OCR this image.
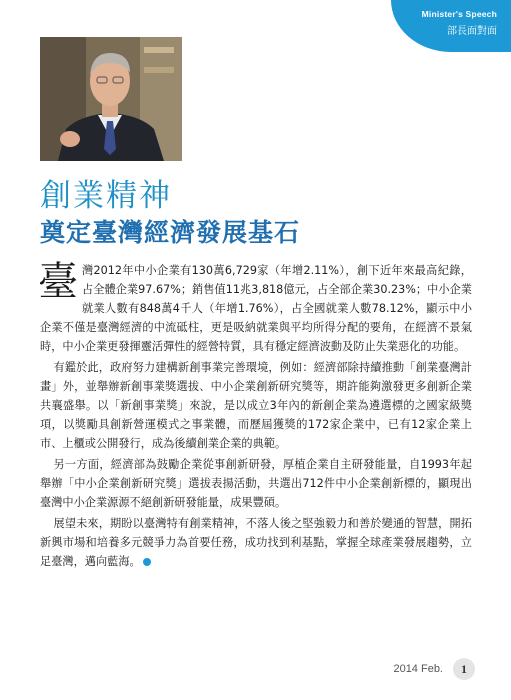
Minister's Speech
部長面對面
創業精神
奠定臺灣經濟發展基石

臺灣2012年中小企業有130萬6,729家（年增2.11%），創下近年來最高紀錄，占全體企業97.67%；銷售值11兆3,818億元，占全部企業30.23%；中小企業就業人數有848萬4千人（年增1.76%），占全國就業人數78.12%，顯示中小企業不僅是臺灣經濟的中流砥柱，更是吸納就業與平均所得分配的要角，在經濟不景氣時，中小企業更發揮靈活彈性的經營特質，具有穩定經濟波動及防止失業惡化的功能。

有鑑於此，政府努力建構新創事業完善環境，例如：經濟部除持續推動「創業臺灣計畫」外，並舉辦新創事業獎選拔、中小企業創新研究獎等，期許能夠激發更多創新企業共襄盛舉。以「新創事業獎」來說，是以成立3年內的新創企業為遴選標的之國家級獎項，以獎勵具創新營運模式之事業體，而歷屆獲獎的172家企業中，已有12家企業上市、上櫃或公開發行，成為後續創業企業的典範。

另一方面，經濟部為鼓勵企業從事創新研發，厚植企業自主研發能量，自1993年起舉辦「中小企業創新研究獎」選拔表揚活動，共選出712件中小企業創新標的，顯現出臺灣中小企業源源不絕創新研發能量，成果豐碩。

展望未來，期盼以臺灣特有創業精神，不落人後之堅強毅力和善於變通的智慧，開拓新興市場和培養多元競爭力為首要任務，成功找到利基點，掌握全球產業發展趨勢，立足臺灣，邁向藍海。

2014 Feb.	1
